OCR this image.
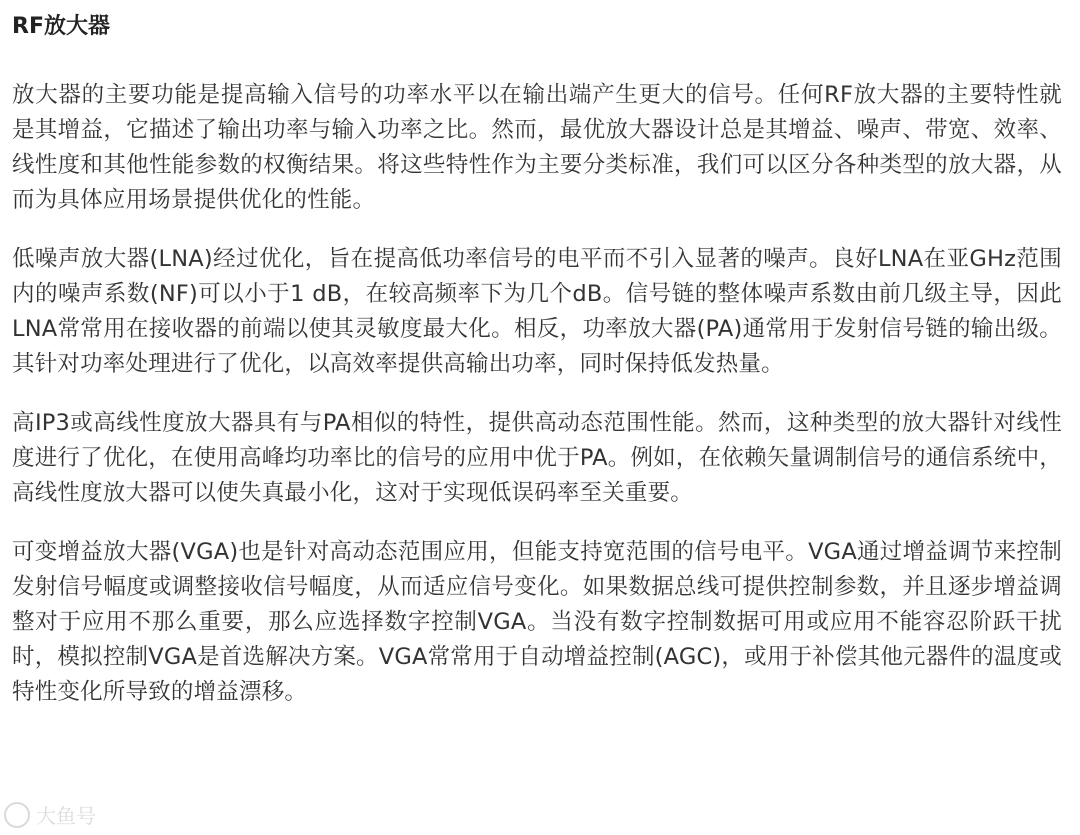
RF放大器

放大器的主要功能是提高输入信号的功率水平以在输出端产生更大的信号。任何RF放大器的主要特性就是其增益，它描述了输出功率与输入功率之比。然而，最优放大器设计总是其增益、噪声、带宽、效率、线性度和其他性能参数的权衡结果。将这些特性作为主要分类标准，我们可以区分各种类型的放大器，从而为具体应用场景提供优化的性能。

低噪声放大器(LNA)经过优化，旨在提高低功率信号的电平而不引入显著的噪声。良好LNA在亚GHz范围内的噪声系数(NF)可以小于1 dB，在较高频率下为几个dB。信号链的整体噪声系数由前几级主导，因此LNA常常用在接收器的前端以使其灵敏度最大化。相反，功率放大器(PA)通常用于发射信号链的输出级。其针对功率处理进行了优化，以高效率提供高输出功率，同时保持低发热量。

高IP3或高线性度放大器具有与PA相似的特性，提供高动态范围性能。然而，这种类型的放大器针对线性度进行了优化，在使用高峰均功率比的信号的应用中优于PA。例如，在依赖矢量调制信号的通信系统中，高线性度放大器可以使失真最小化，这对于实现低误码率至关重要。

可变增益放大器(VGA)也是针对高动态范围应用，但能支持宽范围的信号电平。VGA通过增益调节来控制发射信号幅度或调整接收信号幅度，从而适应信号变化。如果数据总线可提供控制参数，并且逐步增益调整对于应用不那么重要，那么应选择数字控制VGA。当没有数字控制数据可用或应用不能容忍阶跃干扰时，模拟控制VGA是首选解决方案。VGA常常用于自动增益控制(AGC)，或用于补偿其他元器件的温度或特性变化所导致的增益漂移。

大鱼号
